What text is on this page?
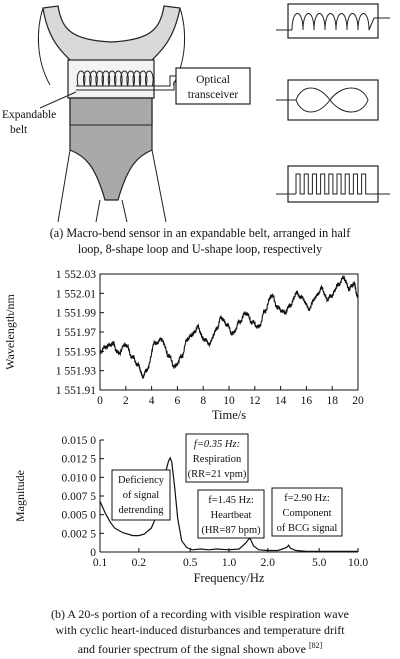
Optical
transceiver
Expandable
belt
(a) Macro-bend sensor in an expandable belt, arranged in half
loop, 8-shape loop and U-shape loop, respectively
1 552.03
1 552.01
1 551.99
1 551.97
1 551.95
1 551.93
1 551.91
0 2 4 6 8 10 12 14 16 18 20
Wavelength/nm
Time/s
0.015 0
0.012 5
0.010 0
0.007 5
0.005 0
0.002 5
0
0.1 0.2	0.5 1.0 2.0	5.0 10.0
Magnitude
Frequency/Hz
Deficiency
of signal
detrending
f=0.35 Hz:
Respiration
(RR=21 vpm)
f=1.45 Hz:
Heartbeat
(HR=87 bpm)
f=2.90 Hz:
Component
of BCG signal
(b) A 20-s portion of a recording with visible respiration wave
with cyclic heart-induced disturbances and temperature drift
and fourier spectrum of the signal shown above [82]
